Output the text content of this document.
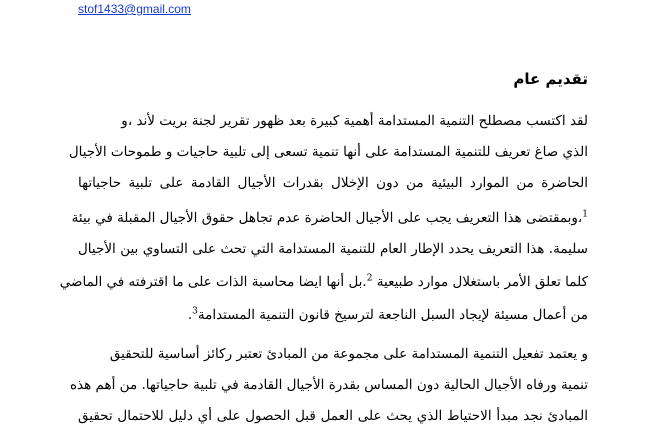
stof1433@gmail.com
تقديم عام
لقد اكتسب مصطلح التنمية المستدامة أهمية كبيرة بعد ظهور تقرير لجنة بريت لأند ،و
الذي صاغ تعريف للتنمية المستدامة على أنها تنمية تسعى إلى تلبية حاجيات و طموحات الأجيال
الحاضرة من الموارد البيئية من دون الإخلال بقدرات الأجيال القادمة على تلبية حاجياتها
$^1$،وبمقتضى هذا التعريف يجب على الأجيال الحاضرة عدم تجاهل حقوق الأجيال المقبلة في بيئة
سليمة. هذا التعريف يحدد الإطار العام للتنمية المستدامة التي تحث على التساوي بين الأجيال
كلما تعلق الأمر باستغلال موارد طبيعية $^2$.بل أنها ايضا محاسبة الذات على ما اقترفته في الماضي
من أعمال مسيئة لإيجاد السبل الناجعة لترسيخ قانون التنمية المستدامة$^3$.
و يعتمد تفعيل التنمية المستدامة على مجموعة من المبادئ تعتبر ركائز أساسية للتحقيق
تنمية ورفاه الأجيال الحالية دون المساس بقدرة الأجيال القادمة في تلبية حاجياتها. من أهم هذه
المبادئ نجد مبدأ الاحتياط الذي يحث على العمل قبل الحصول على أي دليل للاحتمال تحقيق
